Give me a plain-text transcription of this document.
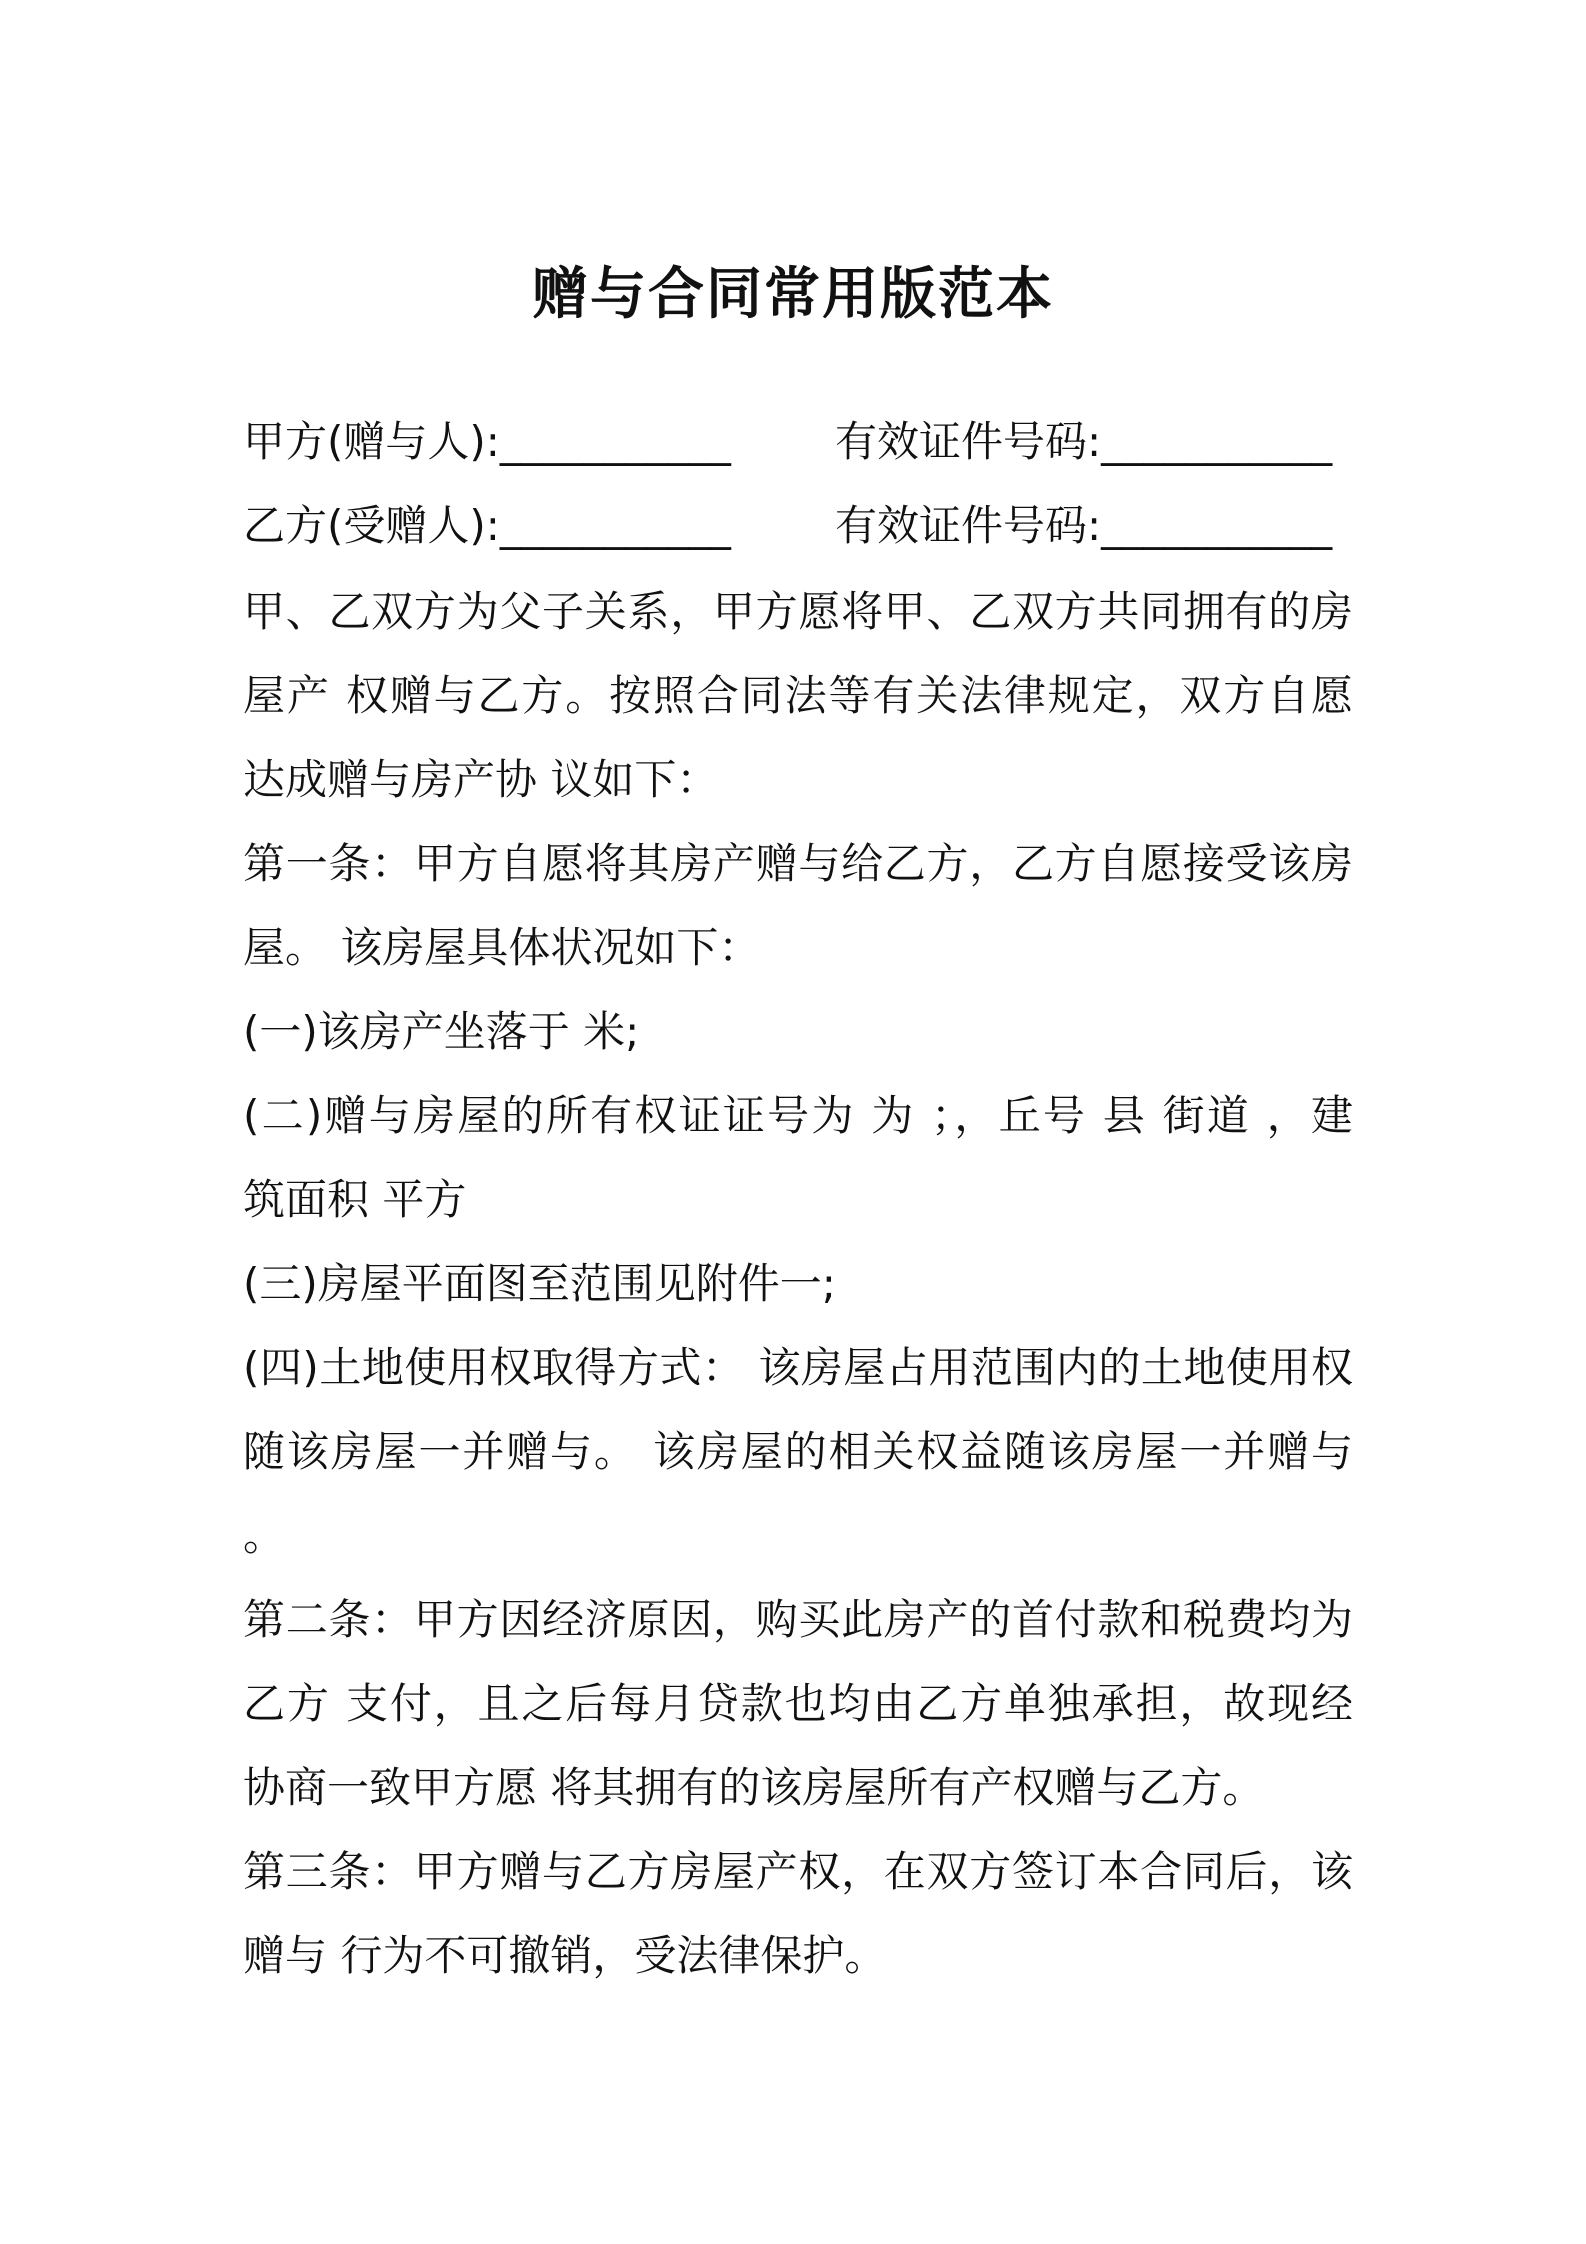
赠与合同常用版范本
甲方(赠与人):___________	有效证件号码:___________
乙方(受赠人):___________	有效证件号码:___________
甲、乙双方为父子关系，甲方愿将甲、乙双方共同拥有的房
屋产 权赠与乙方。按照合同法等有关法律规定，双方自愿
达成赠与房产协 议如下：
第一条：甲方自愿将其房产赠与给乙方，乙方自愿接受该房
屋。 该房屋具体状况如下：
(一)该房产坐落于 米;
(二)赠与房屋的所有权证证号为 为 ；，丘号 县 街道 ，建
筑面积 平方
(三)房屋平面图至范围见附件一;
(四)土地使用权取得方式： 该房屋占用范围内的土地使用权
随该房屋一并赠与。 该房屋的相关权益随该房屋一并赠与
。
第二条：甲方因经济原因，购买此房产的首付款和税费均为
乙方 支付，且之后每月贷款也均由乙方单独承担，故现经
协商一致甲方愿 将其拥有的该房屋所有产权赠与乙方。
第三条：甲方赠与乙方房屋产权，在双方签订本合同后，该
赠与 行为不可撤销，受法律保护。
